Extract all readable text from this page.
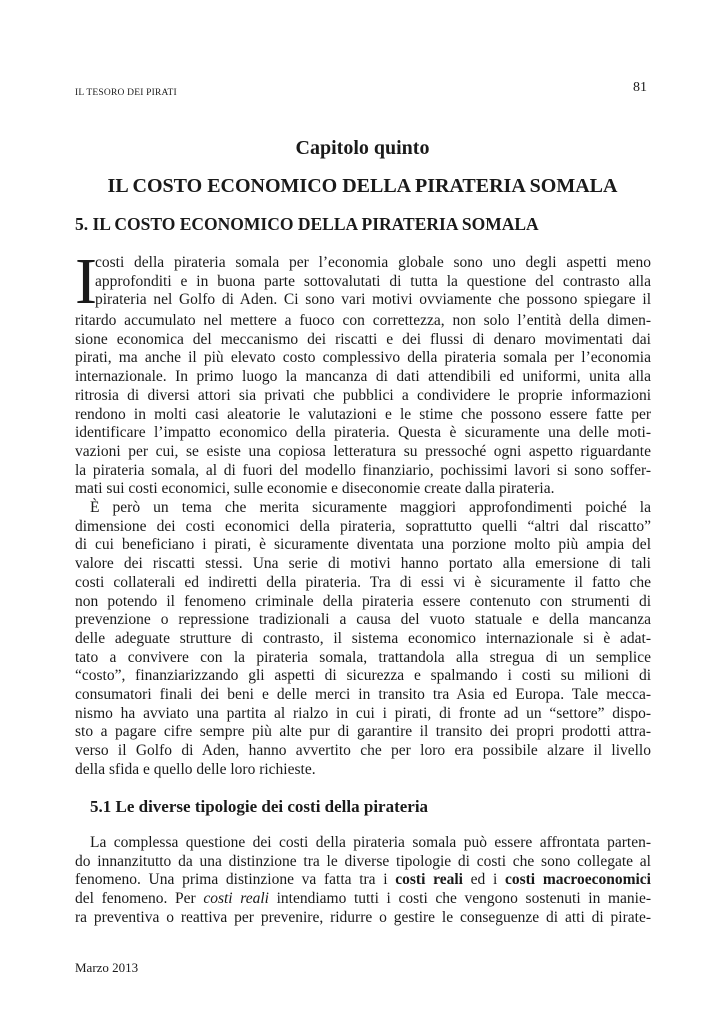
IL TESORO DEI PIRATI	81
Capitolo quinto
IL COSTO ECONOMICO DELLA PIRATERIA SOMALA
5. IL COSTO ECONOMICO DELLA PIRATERIA SOMALA
I
costi della pirateria somala per l’economia globale sono uno degli aspetti meno
approfonditi e in buona parte sottovalutati di tutta la questione del contrasto alla
pirateria nel Golfo di Aden. Ci sono vari motivi ovviamente che possono spiegare il
ritardo accumulato nel mettere a fuoco con correttezza, non solo l’entità della dimen-
sione economica del meccanismo dei riscatti e dei flussi di denaro movimentati dai
pirati, ma anche il più elevato costo complessivo della pirateria somala per l’economia
internazionale. In primo luogo la mancanza di dati attendibili ed uniformi, unita alla
ritrosia di diversi attori sia privati che pubblici a condividere le proprie informazioni
rendono in molti casi aleatorie le valutazioni e le stime che possono essere fatte per
identificare l’impatto economico della pirateria. Questa è sicuramente una delle moti-
vazioni per cui, se esiste una copiosa letteratura su pressoché ogni aspetto riguardante
la pirateria somala, al di fuori del modello finanziario, pochissimi lavori si sono soffer-
mati sui costi economici, sulle economie e diseconomie create dalla pirateria.
È però un tema che merita sicuramente maggiori approfondimenti poiché la
dimensione dei costi economici della pirateria, soprattutto quelli “altri dal riscatto”
di cui beneficiano i pirati, è sicuramente diventata una porzione molto più ampia del
valore dei riscatti stessi. Una serie di motivi hanno portato alla emersione di tali
costi collaterali ed indiretti della pirateria. Tra di essi vi è sicuramente il fatto che
non potendo il fenomeno criminale della pirateria essere contenuto con strumenti di
prevenzione o repressione tradizionali a causa del vuoto statuale e della mancanza
delle adeguate strutture di contrasto, il sistema economico internazionale si è adat-
tato a convivere con la pirateria somala, trattandola alla stregua di un semplice
“costo”, finanziarizzando gli aspetti di sicurezza e spalmando i costi su milioni di
consumatori finali dei beni e delle merci in transito tra Asia ed Europa. Tale mecca-
nismo ha avviato una partita al rialzo in cui i pirati, di fronte ad un “settore” dispo-
sto a pagare cifre sempre più alte pur di garantire il transito dei propri prodotti attra-
verso il Golfo di Aden, hanno avvertito che per loro era possibile alzare il livello
della sfida e quello delle loro richieste.
5.1 Le diverse tipologie dei costi della pirateria
La complessa questione dei costi della pirateria somala può essere affrontata parten-
do innanzitutto da una distinzione tra le diverse tipologie di costi che sono collegate al
fenomeno. Una prima distinzione va fatta tra i costi reali ed i costi macroeconomici
del fenomeno. Per costi reali intendiamo tutti i costi che vengono sostenuti in manie-
ra preventiva o reattiva per prevenire, ridurre o gestire le conseguenze di atti di pirate-
Marzo 2013
